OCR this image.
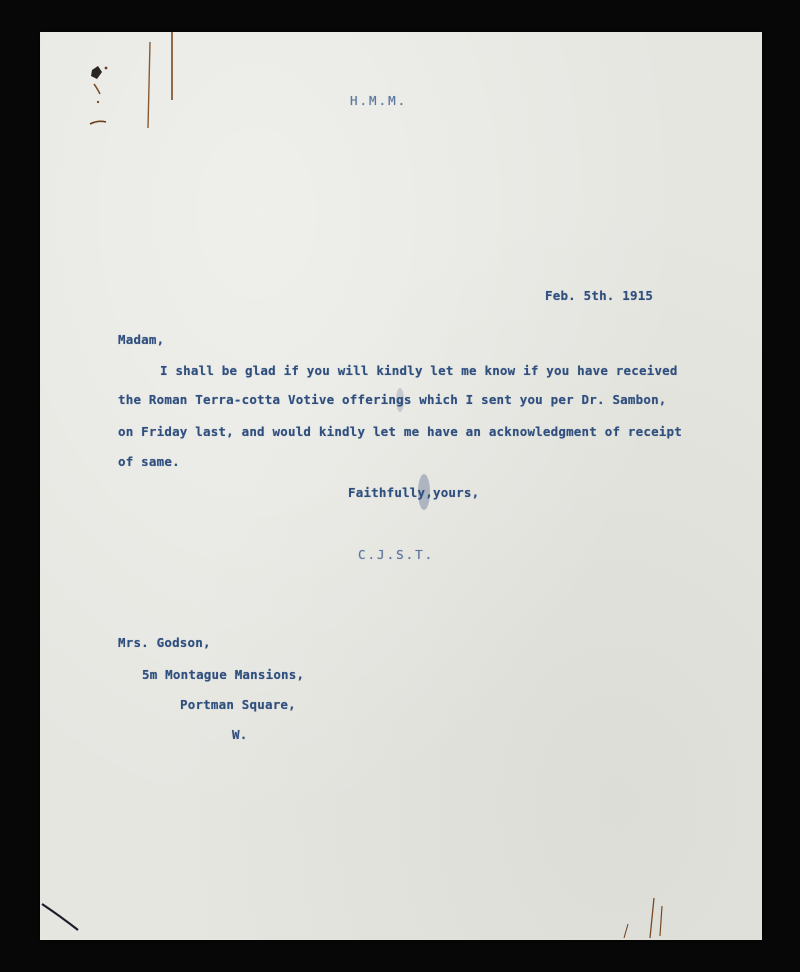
H.M.M.

Feb. 5th. 1915

Madam,

I shall be glad if you will kindly let me know if you have received

the Roman Terra-cotta Votive offerings which I sent you per Dr. Sambon,

on Friday last, and would kindly let me have an acknowledgment of receipt

of same.

Faithfully,yours,

C.J.S.T.

Mrs. Godson,

5m Montague Mansions,

Portman Square,

W.
